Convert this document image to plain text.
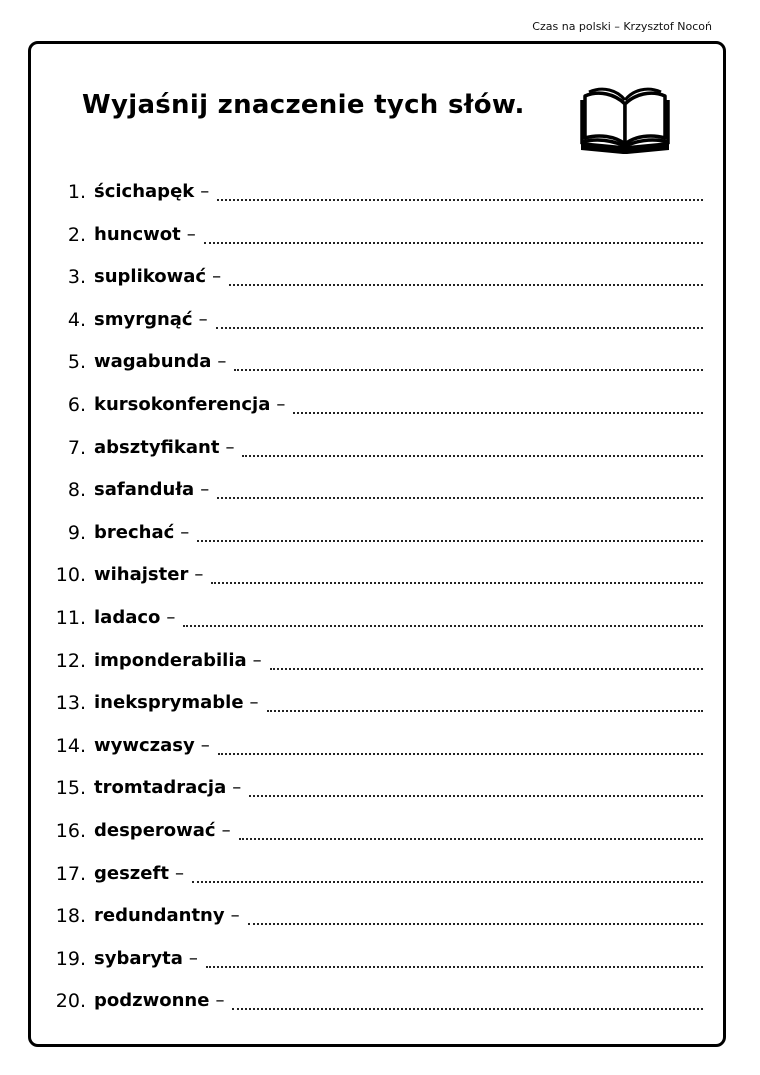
Czas na polski – Krzysztof Nocoń
Wyjaśnij znaczenie tych słów.
1. ścichapęk –
2. huncwot –
3. suplikować –
4. smyrgnąć –
5. wagabunda –
6. kursokonferencja –
7. absztyfikant –
8. safanduła –
9. brechać –
10. wihajster –
11. ladaco –
12. imponderabilia –
13. ineksprymable –
14. wywczasy –
15. tromtadracja –
16. desperować –
17. geszeft –
18. redundantny –
19. sybaryta –
20. podzwonne –
